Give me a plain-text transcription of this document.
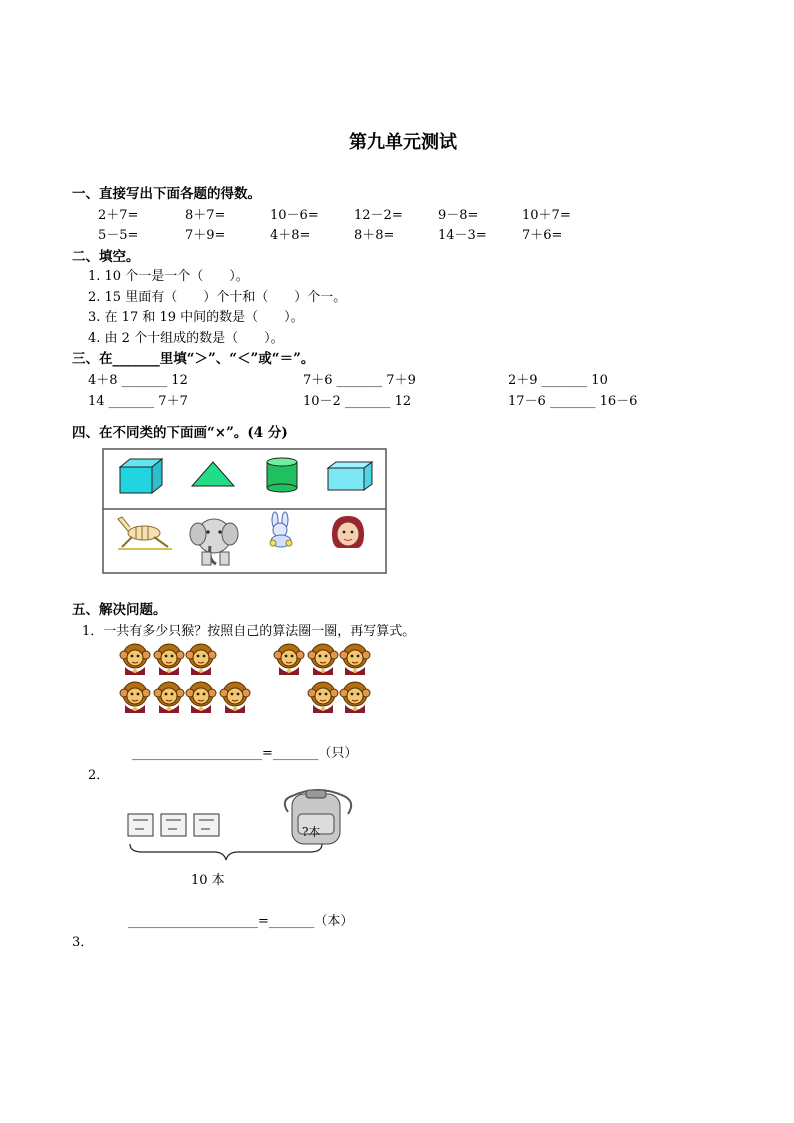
第九单元测试
一、直接写出下面各题的得数。
2＋7=	8＋7=	10－6=	12－2=	9－8=	10＋7=
5－5=	7＋9=	4＋8=	8＋8=	14－3=	7＋6=
二、填空。
1. 10 个一是一个（　　）。
2. 15 里面有（　　）个十和（　　）个一。
3. 在 17 和 19 中间的数是（　　）。
4. 由 2 个十组成的数是（　　）。
三、在_______里填“＞”、“＜”或“＝”。
4＋8 _______ 12	7＋6 _______ 7＋9	2＋9 _______ 10
14 _______ 7＋7	10－2 _______ 12	17－6 _______ 16－6
四、在不同类的下面画“×”。(4 分)
五、解决问题。
1．一共有多少只猴？按照自己的算法圈一圈，再写算式。
____________________=_______（只）
2．
?本
10 本
____________________=_______（本）
3．
